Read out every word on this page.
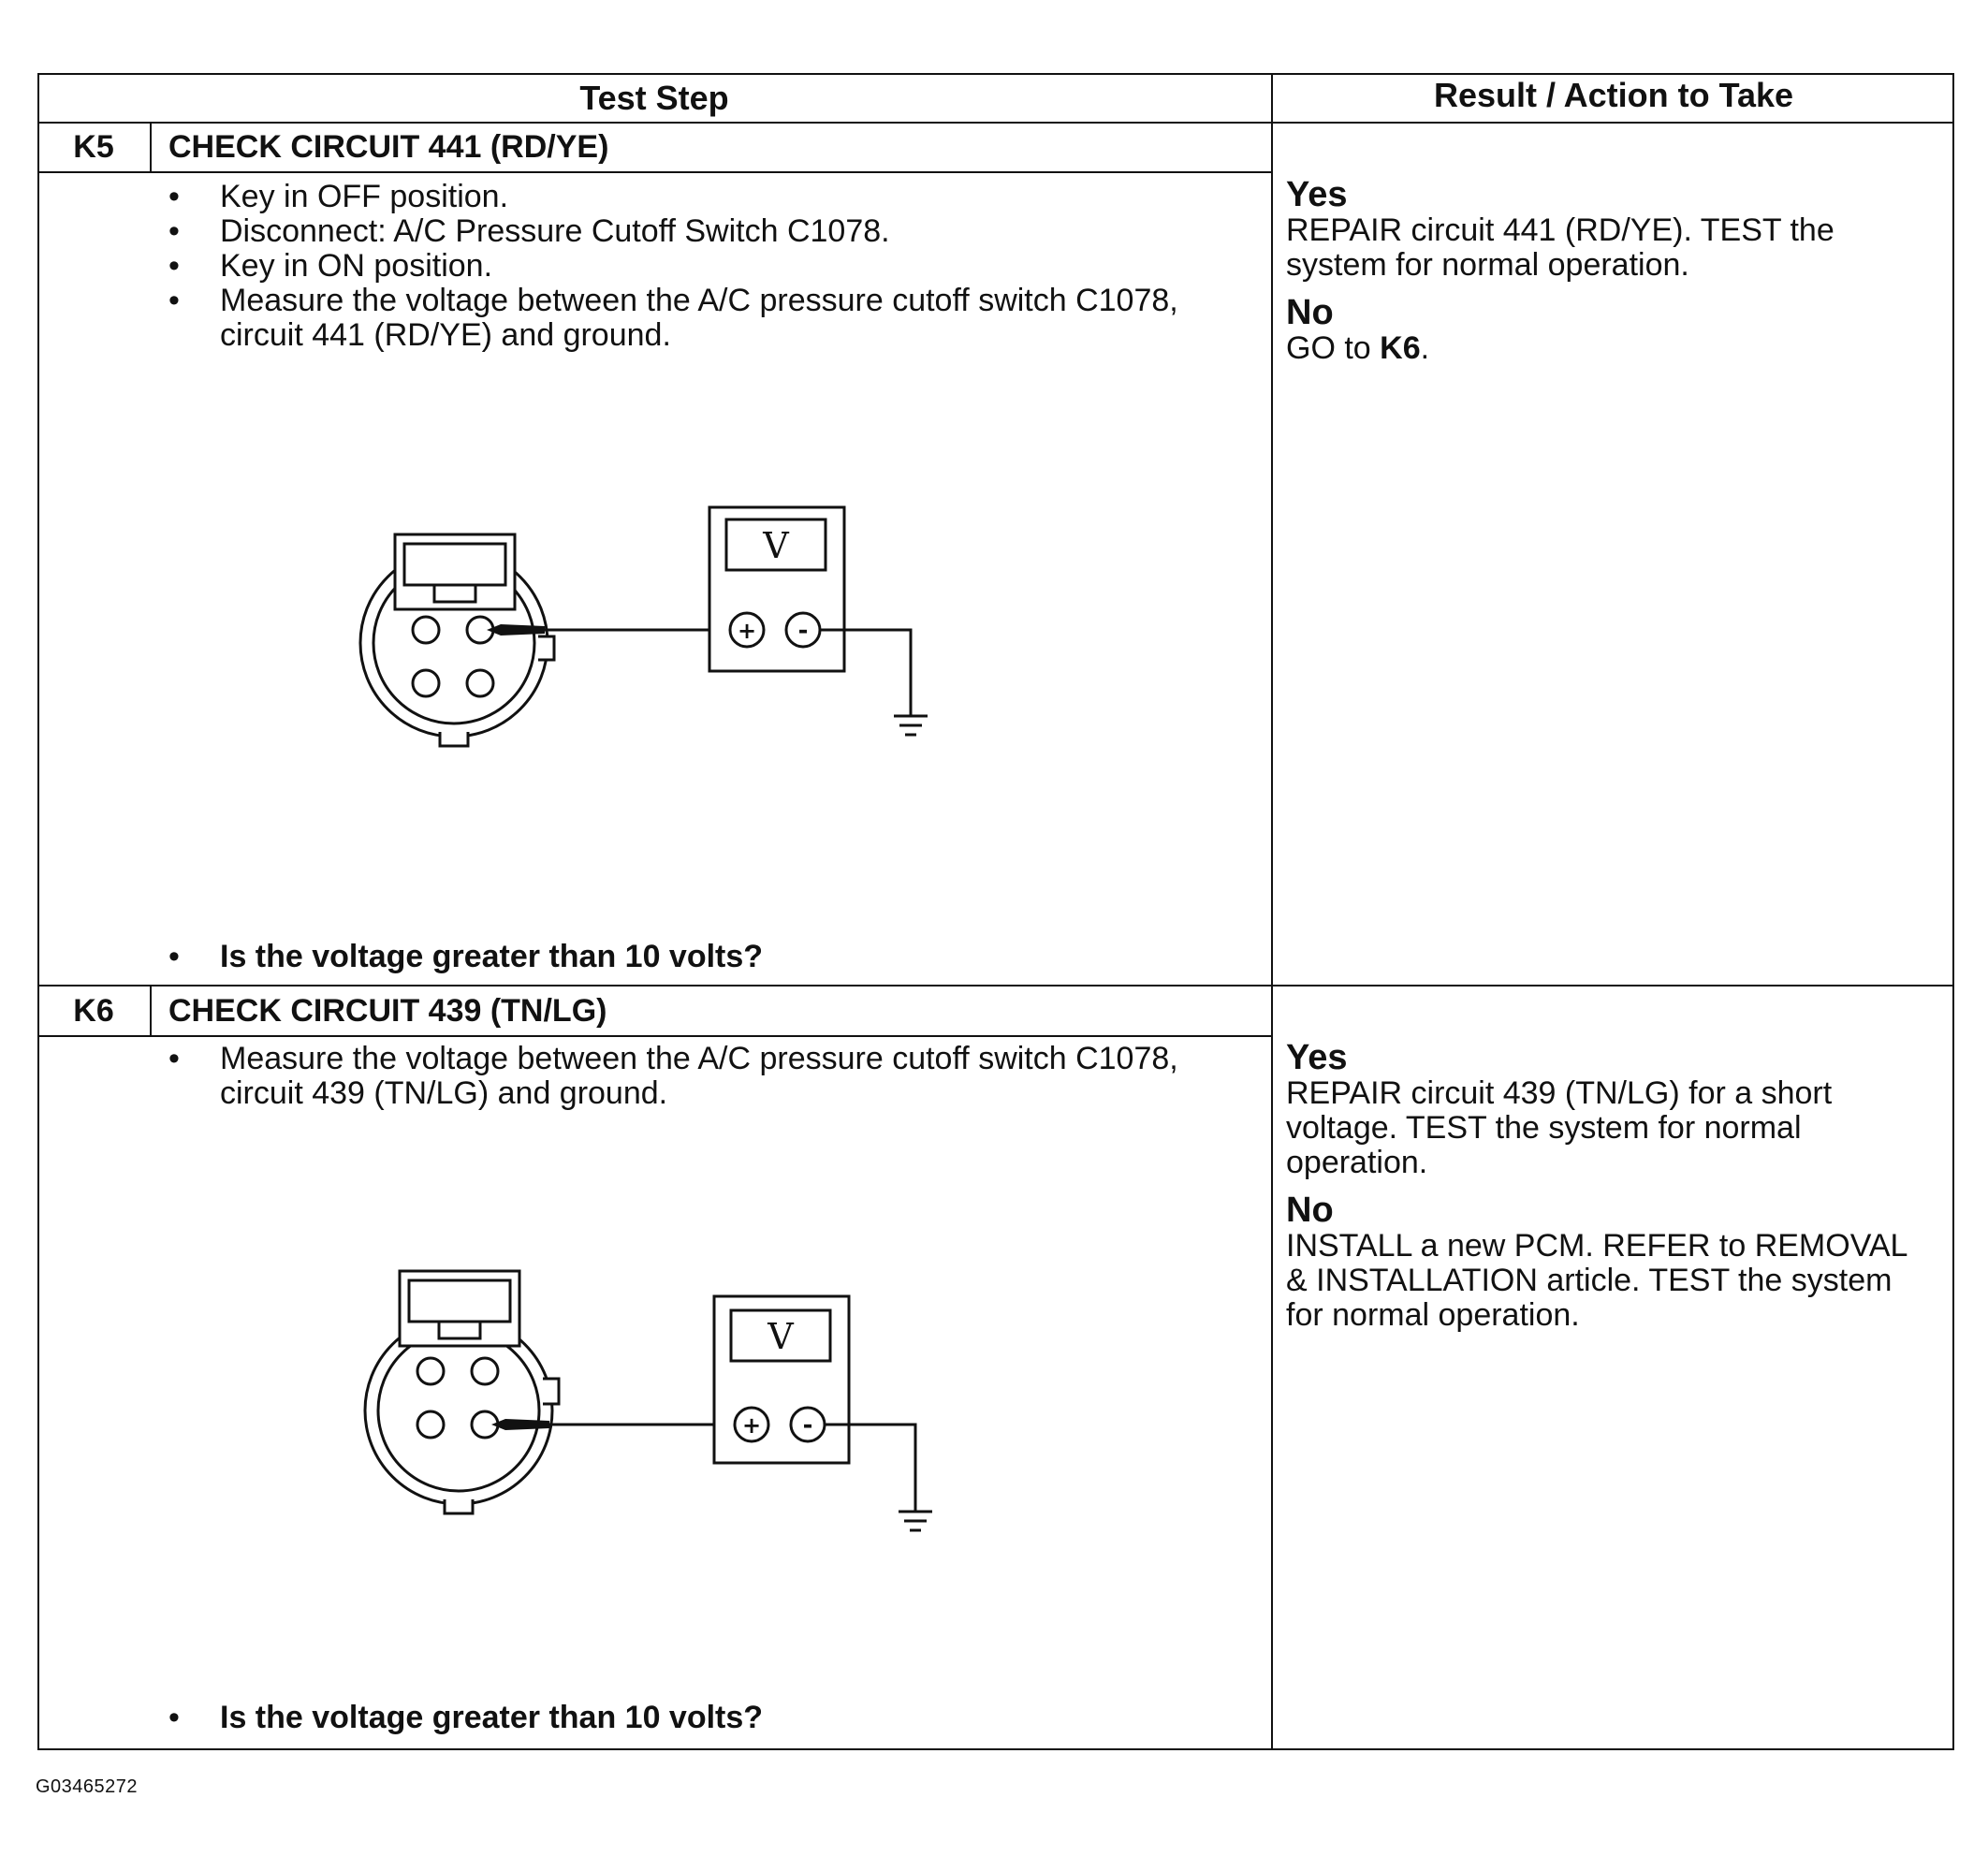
Test Step	Result / Action to Take
K5	CHECK CIRCUIT 441 (RD/YE)
• Key in OFF position.
• Disconnect: A/C Pressure Cutoff Switch C1078.
• Key in ON position.
• Measure the voltage between the A/C pressure cutoff switch C1078, circuit 441 (RD/YE) and ground.
V
+ -
• Is the voltage greater than 10 volts?
Yes
REPAIR circuit 441 (RD/YE). TEST the system for normal operation.
No
GO to K6.
K6	CHECK CIRCUIT 439 (TN/LG)
• Measure the voltage between the A/C pressure cutoff switch C1078, circuit 439 (TN/LG) and ground.
V
+ -
• Is the voltage greater than 10 volts?
Yes
REPAIR circuit 439 (TN/LG) for a short voltage. TEST the system for normal operation.
No
INSTALL a new PCM. REFER to REMOVAL & INSTALLATION article. TEST the system for normal operation.
G03465272
